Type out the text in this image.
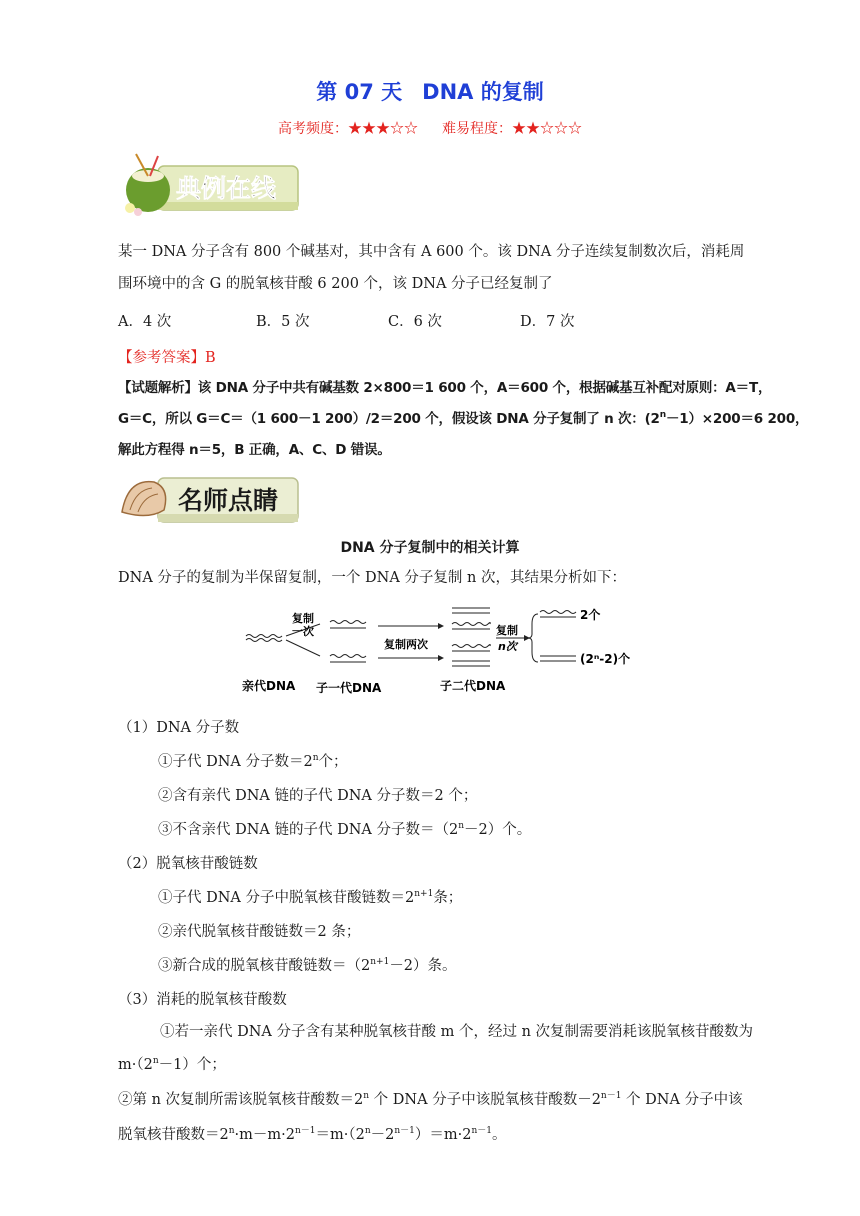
第 07 天 DNA 的复制
高考频度：★★★☆☆ 难易程度：★★☆☆☆
典例在线
某一 DNA 分子含有 800 个碱基对，其中含有 A 600 个。该 DNA 分子连续复制数次后，消耗周
围环境中的含 G 的脱氧核苷酸 6 200 个，该 DNA 分子已经复制了
A．4 次	B．5 次	C．6 次	D．7 次
【参考答案】B
【试题解析】该 DNA 分子中共有碱基数 2×800＝1 600 个，A＝600 个，根据碱基互补配对原则：A＝T，
G＝C，所以 G＝C＝（1 600－1 200）/2＝200 个，假设该 DNA 分子复制了 n 次：$(2^n-1)\times 200=6$ 200，
解此方程得 n＝5，B 正确，A、C、D 错误。
名师点睛
DNA 分子复制中的相关计算
DNA 分子的复制为半保留复制，一个 DNA 分子复制 n 次，其结果分析如下：
复制
一次
复制两次
复制
n次
2个
(2ⁿ-2)个
亲代DNA 子一代DNA	子二代DNA
（1）DNA 分子数
①子代 DNA 分子数$=2^n$个；
②含有亲代 DNA 链的子代 DNA 分子数＝2 个；
③不含亲代 DNA 链的子代 DNA 分子数$=(2^n-2)$个。
（2）脱氧核苷酸链数
①子代 DNA 分子中脱氧核苷酸链数$=2^{n+1}$条；
②亲代脱氧核苷酸链数＝2 条；
③新合成的脱氧核苷酸链数$=(2^{n+1}-2)$条。
（3）消耗的脱氧核苷酸数
①若一亲代 DNA 分子含有某种脱氧核苷酸 m 个，经过 n 次复制需要消耗该脱氧核苷酸数为
$m\cdot(2^n-1)$个；
②第 n 次复制所需该脱氧核苷酸数$=2^n$ 个 DNA 分子中该脱氧核苷酸数$-2^{n-1}$ 个 DNA 分子中该
脱氧核苷酸数$=2^n\cdot m-m\cdot 2^{n-1}=m\cdot(2^n-2^{n-1})=m\cdot 2^{n-1}$。
